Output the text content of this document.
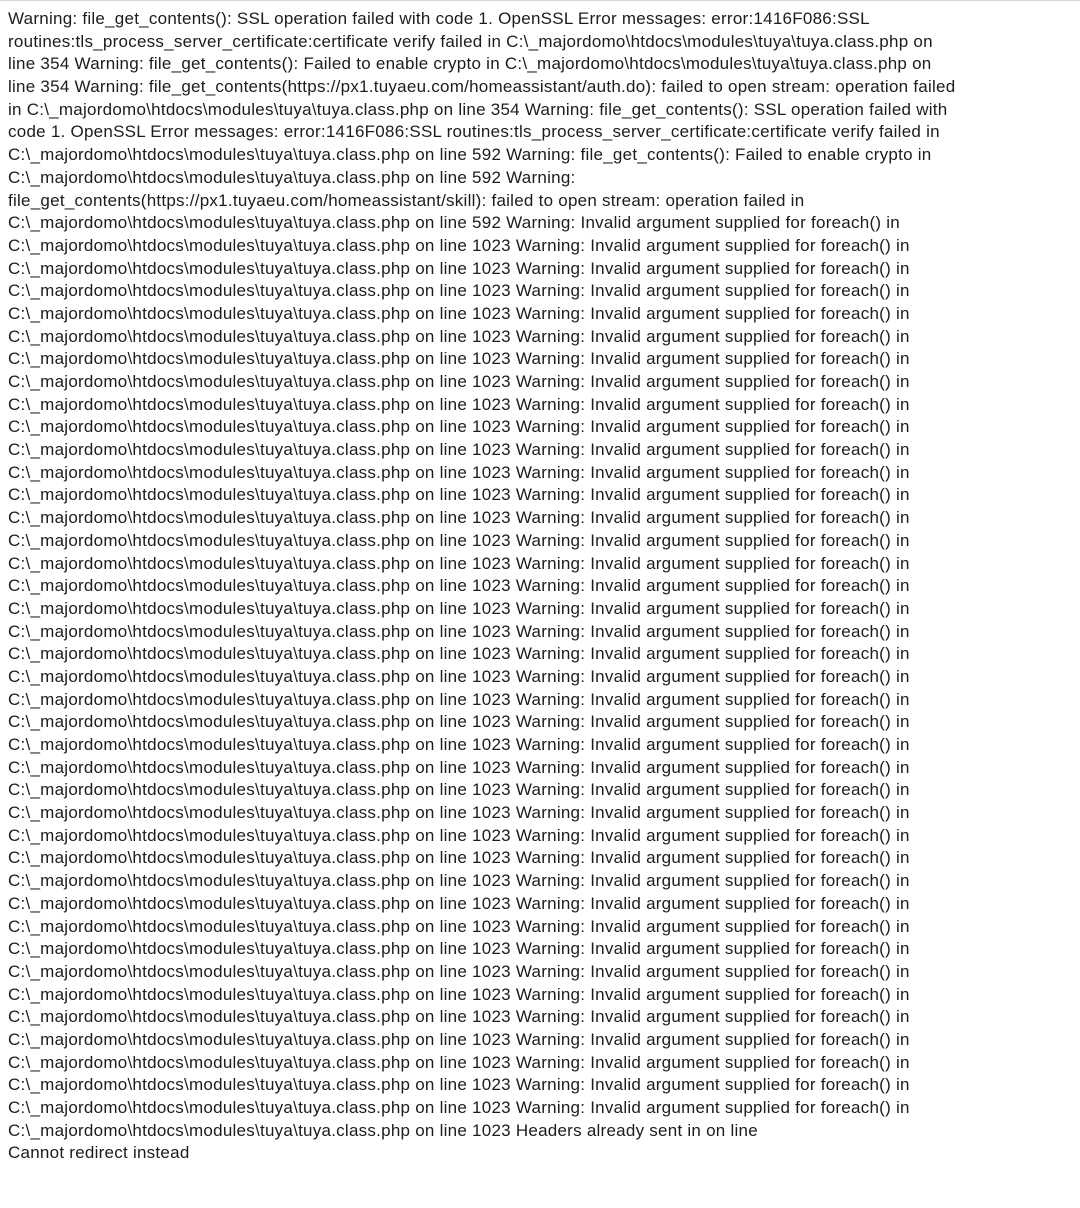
Warning: file_get_contents(): SSL operation failed with code 1. OpenSSL Error messages: error:1416F086:SSL
routines:tls_process_server_certificate:certificate verify failed in C:\_majordomo\htdocs\modules\tuya\tuya.class.php on
line 354 Warning: file_get_contents(): Failed to enable crypto in C:\_majordomo\htdocs\modules\tuya\tuya.class.php on
line 354 Warning: file_get_contents(https://px1.tuyaeu.com/homeassistant/auth.do): failed to open stream: operation failed
in C:\_majordomo\htdocs\modules\tuya\tuya.class.php on line 354 Warning: file_get_contents(): SSL operation failed with
code 1. OpenSSL Error messages: error:1416F086:SSL routines:tls_process_server_certificate:certificate verify failed in
C:\_majordomo\htdocs\modules\tuya\tuya.class.php on line 592 Warning: file_get_contents(): Failed to enable crypto in
C:\_majordomo\htdocs\modules\tuya\tuya.class.php on line 592 Warning:
file_get_contents(https://px1.tuyaeu.com/homeassistant/skill): failed to open stream: operation failed in
C:\_majordomo\htdocs\modules\tuya\tuya.class.php on line 592 Warning: Invalid argument supplied for foreach() in
C:\_majordomo\htdocs\modules\tuya\tuya.class.php on line 1023 Warning: Invalid argument supplied for foreach() in
C:\_majordomo\htdocs\modules\tuya\tuya.class.php on line 1023 Warning: Invalid argument supplied for foreach() in
C:\_majordomo\htdocs\modules\tuya\tuya.class.php on line 1023 Warning: Invalid argument supplied for foreach() in
C:\_majordomo\htdocs\modules\tuya\tuya.class.php on line 1023 Warning: Invalid argument supplied for foreach() in
C:\_majordomo\htdocs\modules\tuya\tuya.class.php on line 1023 Warning: Invalid argument supplied for foreach() in
C:\_majordomo\htdocs\modules\tuya\tuya.class.php on line 1023 Warning: Invalid argument supplied for foreach() in
C:\_majordomo\htdocs\modules\tuya\tuya.class.php on line 1023 Warning: Invalid argument supplied for foreach() in
C:\_majordomo\htdocs\modules\tuya\tuya.class.php on line 1023 Warning: Invalid argument supplied for foreach() in
C:\_majordomo\htdocs\modules\tuya\tuya.class.php on line 1023 Warning: Invalid argument supplied for foreach() in
C:\_majordomo\htdocs\modules\tuya\tuya.class.php on line 1023 Warning: Invalid argument supplied for foreach() in
C:\_majordomo\htdocs\modules\tuya\tuya.class.php on line 1023 Warning: Invalid argument supplied for foreach() in
C:\_majordomo\htdocs\modules\tuya\tuya.class.php on line 1023 Warning: Invalid argument supplied for foreach() in
C:\_majordomo\htdocs\modules\tuya\tuya.class.php on line 1023 Warning: Invalid argument supplied for foreach() in
C:\_majordomo\htdocs\modules\tuya\tuya.class.php on line 1023 Warning: Invalid argument supplied for foreach() in
C:\_majordomo\htdocs\modules\tuya\tuya.class.php on line 1023 Warning: Invalid argument supplied for foreach() in
C:\_majordomo\htdocs\modules\tuya\tuya.class.php on line 1023 Warning: Invalid argument supplied for foreach() in
C:\_majordomo\htdocs\modules\tuya\tuya.class.php on line 1023 Warning: Invalid argument supplied for foreach() in
C:\_majordomo\htdocs\modules\tuya\tuya.class.php on line 1023 Warning: Invalid argument supplied for foreach() in
C:\_majordomo\htdocs\modules\tuya\tuya.class.php on line 1023 Warning: Invalid argument supplied for foreach() in
C:\_majordomo\htdocs\modules\tuya\tuya.class.php on line 1023 Warning: Invalid argument supplied for foreach() in
C:\_majordomo\htdocs\modules\tuya\tuya.class.php on line 1023 Warning: Invalid argument supplied for foreach() in
C:\_majordomo\htdocs\modules\tuya\tuya.class.php on line 1023 Warning: Invalid argument supplied for foreach() in
C:\_majordomo\htdocs\modules\tuya\tuya.class.php on line 1023 Warning: Invalid argument supplied for foreach() in
C:\_majordomo\htdocs\modules\tuya\tuya.class.php on line 1023 Warning: Invalid argument supplied for foreach() in
C:\_majordomo\htdocs\modules\tuya\tuya.class.php on line 1023 Warning: Invalid argument supplied for foreach() in
C:\_majordomo\htdocs\modules\tuya\tuya.class.php on line 1023 Warning: Invalid argument supplied for foreach() in
C:\_majordomo\htdocs\modules\tuya\tuya.class.php on line 1023 Warning: Invalid argument supplied for foreach() in
C:\_majordomo\htdocs\modules\tuya\tuya.class.php on line 1023 Warning: Invalid argument supplied for foreach() in
C:\_majordomo\htdocs\modules\tuya\tuya.class.php on line 1023 Warning: Invalid argument supplied for foreach() in
C:\_majordomo\htdocs\modules\tuya\tuya.class.php on line 1023 Warning: Invalid argument supplied for foreach() in
C:\_majordomo\htdocs\modules\tuya\tuya.class.php on line 1023 Warning: Invalid argument supplied for foreach() in
C:\_majordomo\htdocs\modules\tuya\tuya.class.php on line 1023 Warning: Invalid argument supplied for foreach() in
C:\_majordomo\htdocs\modules\tuya\tuya.class.php on line 1023 Warning: Invalid argument supplied for foreach() in
C:\_majordomo\htdocs\modules\tuya\tuya.class.php on line 1023 Warning: Invalid argument supplied for foreach() in
C:\_majordomo\htdocs\modules\tuya\tuya.class.php on line 1023 Warning: Invalid argument supplied for foreach() in
C:\_majordomo\htdocs\modules\tuya\tuya.class.php on line 1023 Warning: Invalid argument supplied for foreach() in
C:\_majordomo\htdocs\modules\tuya\tuya.class.php on line 1023 Warning: Invalid argument supplied for foreach() in
C:\_majordomo\htdocs\modules\tuya\tuya.class.php on line 1023 Warning: Invalid argument supplied for foreach() in
C:\_majordomo\htdocs\modules\tuya\tuya.class.php on line 1023 Warning: Invalid argument supplied for foreach() in
C:\_majordomo\htdocs\modules\tuya\tuya.class.php on line 1023 Headers already sent in on line
Cannot redirect instead
